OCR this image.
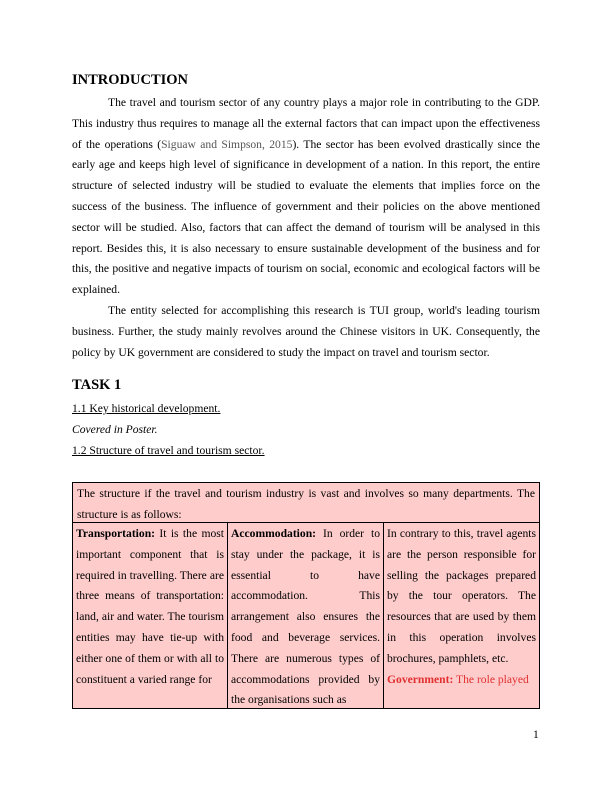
INTRODUCTION

The travel and tourism sector of any country plays a major role in contributing to the GDP. This industry thus requires to manage all the external factors that can impact upon the effectiveness of the operations (Siguaw and Simpson, 2015). The sector has been evolved drastically since the early age and keeps high level of significance in development of a nation. In this report, the entire structure of selected industry will be studied to evaluate the elements that implies force on the success of the business. The influence of government and their policies on the above mentioned sector will be studied. Also, factors that can affect the demand of tourism will be analysed in this report. Besides this, it is also necessary to ensure sustainable development of the business and for this, the positive and negative impacts of tourism on social, economic and ecological factors will be explained.

The entity selected for accomplishing this research is TUI group, world's leading tourism business. Further, the study mainly revolves around the Chinese visitors in UK. Consequently, the policy by UK government are considered to study the impact on travel and tourism sector.

TASK 1
1.1 Key historical development.
Covered in Poster.
1.2 Structure of travel and tourism sector.
The structure if the travel and tourism industry is vast and involves so many departments. The structure is as follows:
Transportation: It is the most important component that is required in travelling. There are three means of transportation: land, air and water. The tourism entities may have tie-up with either one of them or with all to constituent a varied range for
Accommodation: In order to stay under the package, it is essential to have accommodation. This arrangement also ensures the food and beverage services. There are numerous types of accommodations provided by the organisations such as
In contrary to this, travel agents are the person responsible for selling the packages prepared by the tour operators. The resources that are used by them in this operation involves brochures, pamphlets, etc.
Government: The role played
1
